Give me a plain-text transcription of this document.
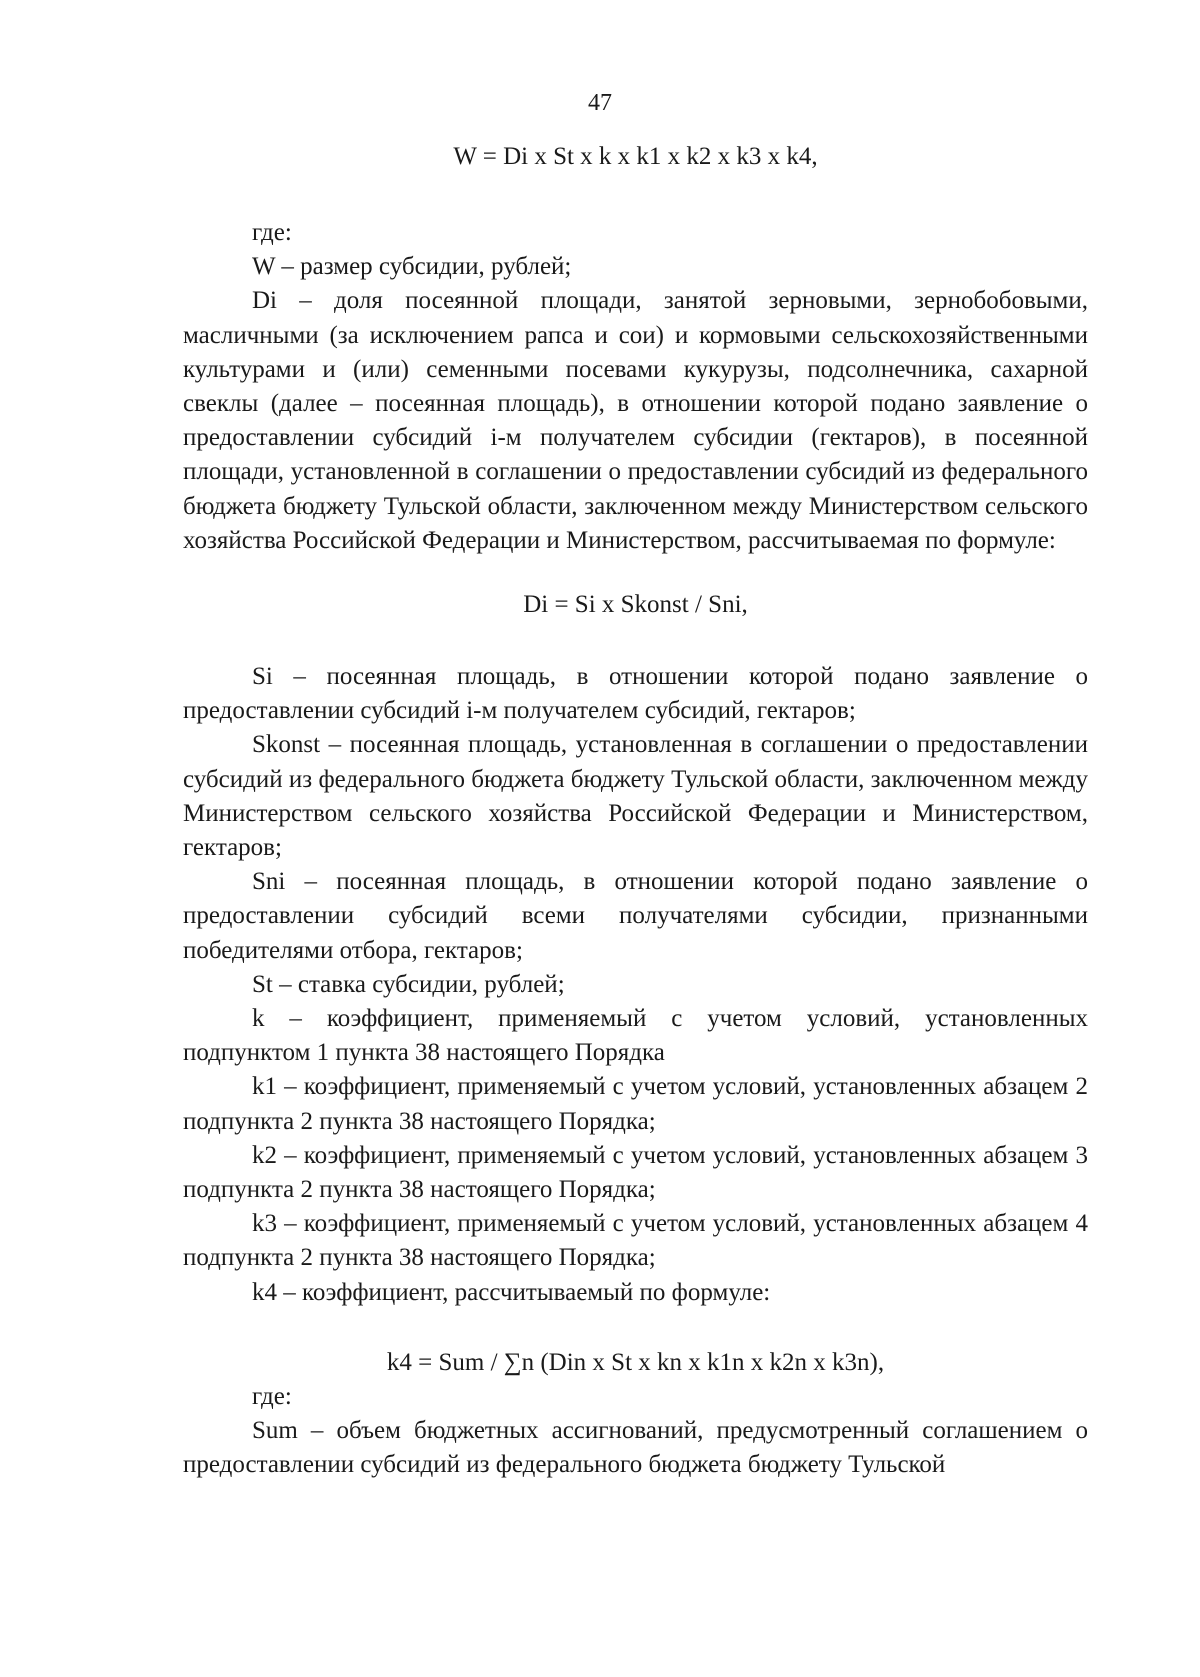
47
W = Di x St x k x k1 x k2 x k3 x k4,

где:

W – размер субсидии, рублей;

Di – доля посеянной площади, занятой зерновыми, зернобобовыми, масличными (за исключением рапса и сои) и кормовыми сельскохозяйственными культурами и (или) семенными посевами кукурузы, подсолнечника, сахарной свеклы (далее – посеянная площадь), в отношении которой подано заявление о предоставлении субсидий i-м получателем субсидии (гектаров), в посеянной площади, установленной в соглашении о предоставлении субсидий из федерального бюджета бюджету Тульской области, заключенном между Министерством сельского хозяйства Российской Федерации и Министерством, рассчитываемая по формуле:

Di = Si x Skonst / Sni,

Si – посеянная площадь, в отношении которой подано заявление о предоставлении субсидий i-м получателем субсидий, гектаров;

Skonst – посеянная площадь, установленная в соглашении о предоставлении субсидий из федерального бюджета бюджету Тульской области, заключенном между Министерством сельского хозяйства Российской Федерации и Министерством, гектаров;

Sni – посеянная площадь, в отношении которой подано заявление о предоставлении субсидий всеми получателями субсидии, признанными победителями отбора, гектаров;

St – ставка субсидии, рублей;

k – коэффициент, применяемый с учетом условий, установленных подпунктом 1 пункта 38 настоящего Порядка

k1 – коэффициент, применяемый с учетом условий, установленных абзацем 2 подпункта 2 пункта 38 настоящего Порядка;

k2 – коэффициент, применяемый с учетом условий, установленных абзацем 3 подпункта 2 пункта 38 настоящего Порядка;

k3 – коэффициент, применяемый с учетом условий, установленных абзацем 4 подпункта 2 пункта 38 настоящего Порядка;

k4 – коэффициент, рассчитываемый по формуле:

k4 = Sum / ∑n (Din x St x kn x k1n x k2n x k3n),

где:

Sum – объем бюджетных ассигнований, предусмотренный соглашением о предоставлении субсидий из федерального бюджета бюджету Тульской
